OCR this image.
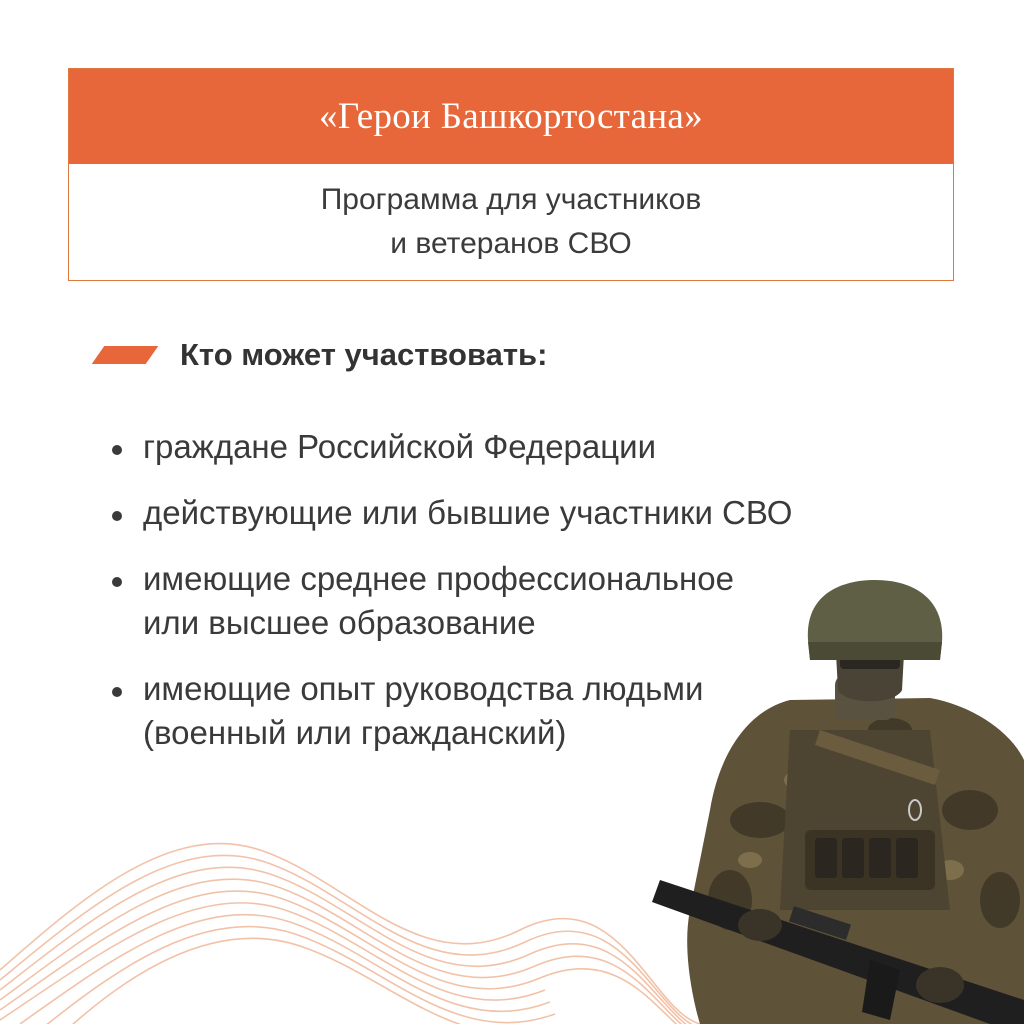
«Герои Башкортостана»
Программа для участников
и ветеранов СВО
Кто может участвовать:
граждане Российской Федерации
действующие или бывшие участники СВО
имеющие среднее профессиональное
или высшее образование
имеющие опыт руководства людьми
(военный или гражданский)
